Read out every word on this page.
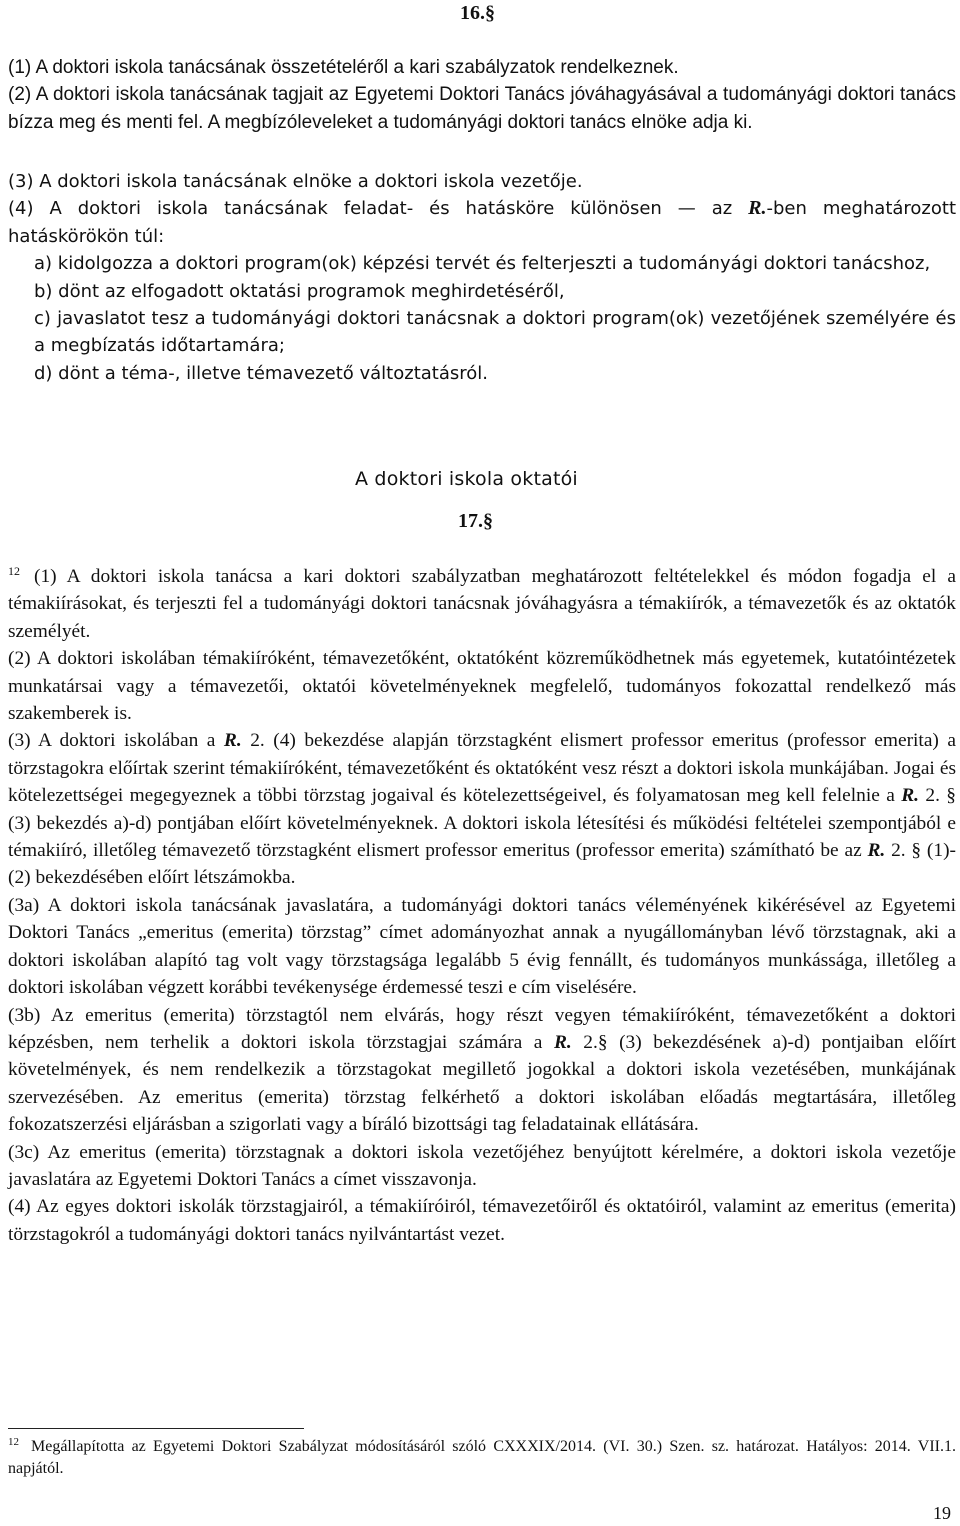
16.§

(1) A doktori iskola tanácsának összetételéről a kari szabályzatok rendelkeznek.

(2) A doktori iskola tanácsának tagjait az Egyetemi Doktori Tanács jóváhagyásával a tudományági doktori tanács bízza meg és menti fel. A megbízóleveleket a tudományági doktori tanács elnöke adja ki.

(3) A doktori iskola tanácsának elnöke a doktori iskola vezetője.

(4) A doktori iskola tanácsának feladat- és hatásköre különösen — az R.-ben meghatározott hatáskörökön túl:

a) kidolgozza a doktori program(ok) képzési tervét és felterjeszti a tudományági doktori tanácshoz,

b) dönt az elfogadott oktatási programok meghirdetéséről,

c) javaslatot tesz a tudományági doktori tanácsnak a doktori program(ok) vezetőjének személyére és a megbízatás időtartamára;

d) dönt a téma-, illetve témavezető változtatásról.

A doktori iskola oktatói
17.§

$^{12}$ (1) A doktori iskola tanácsa a kari doktori szabályzatban meghatározott feltételekkel és módon fogadja el a témakiírásokat, és terjeszti fel a tudományági doktori tanácsnak jóváhagyásra a témakiírók, a témavezetők és az oktatók személyét.

(2) A doktori iskolában témakiíróként, témavezetőként, oktatóként közreműködhetnek más egyetemek, kutatóintézetek munkatársai vagy a témavezetői, oktatói követelményeknek megfelelő, tudományos fokozattal rendelkező más szakemberek is.

(3) A doktori iskolában a R. 2. (4) bekezdése alapján törzstagként elismert professor emeritus (professor emerita) a törzstagokra előírtak szerint témakiíróként, témavezetőként és oktatóként vesz részt a doktori iskola munkájában. Jogai és kötelezettségei megegyeznek a többi törzstag jogaival és kötelezettségeivel, és folyamatosan meg kell felelnie a R. 2. § (3) bekezdés a)-d) pontjában előírt követelményeknek. A doktori iskola létesítési és működési feltételei szempontjából e témakiíró, illetőleg témavezető törzstagként elismert professor emeritus (professor emerita) számítható be az R. 2. § (1)-(2) bekezdésében előírt létszámokba.

(3a) A doktori iskola tanácsának javaslatára, a tudományági doktori tanács véleményének kikérésével az Egyetemi Doktori Tanács „emeritus (emerita) törzstag” címet adományozhat annak a nyugállományban lévő törzstagnak, aki a doktori iskolában alapító tag volt vagy törzstagsága legalább 5 évig fennállt, és tudományos munkássága, illetőleg a doktori iskolában végzett korábbi tevékenysége érdemessé teszi e cím viselésére.

(3b) Az emeritus (emerita) törzstagtól nem elvárás, hogy részt vegyen témakiíróként, témavezetőként a doktori képzésben, nem terhelik a doktori iskola törzstagjai számára a R. 2.§ (3) bekezdésének a)-d) pontjaiban előírt követelmények, és nem rendelkezik a törzstagokat megillető jogokkal a doktori iskola vezetésében, munkájának szervezésében. Az emeritus (emerita) törzstag felkérhető a doktori iskolában előadás megtartására, illetőleg fokozatszerzési eljárásban a szigorlati vagy a bíráló bizottsági tag feladatainak ellátására.

(3c) Az emeritus (emerita) törzstagnak a doktori iskola vezetőjéhez benyújtott kérelmére, a doktori iskola vezetője javaslatára az Egyetemi Doktori Tanács a címet visszavonja.

(4) Az egyes doktori iskolák törzstagjairól, a témakiíróiról, témavezetőiről és oktatóiról, valamint az emeritus (emerita) törzstagokról a tudományági doktori tanács nyilvántartást vezet.

$^{12}$ Megállapította az Egyetemi Doktori Szabályzat módosításáról szóló CXXXIX/2014. (VI. 30.) Szen. sz. határozat. Hatályos: 2014. VII.1. napjától.
19
